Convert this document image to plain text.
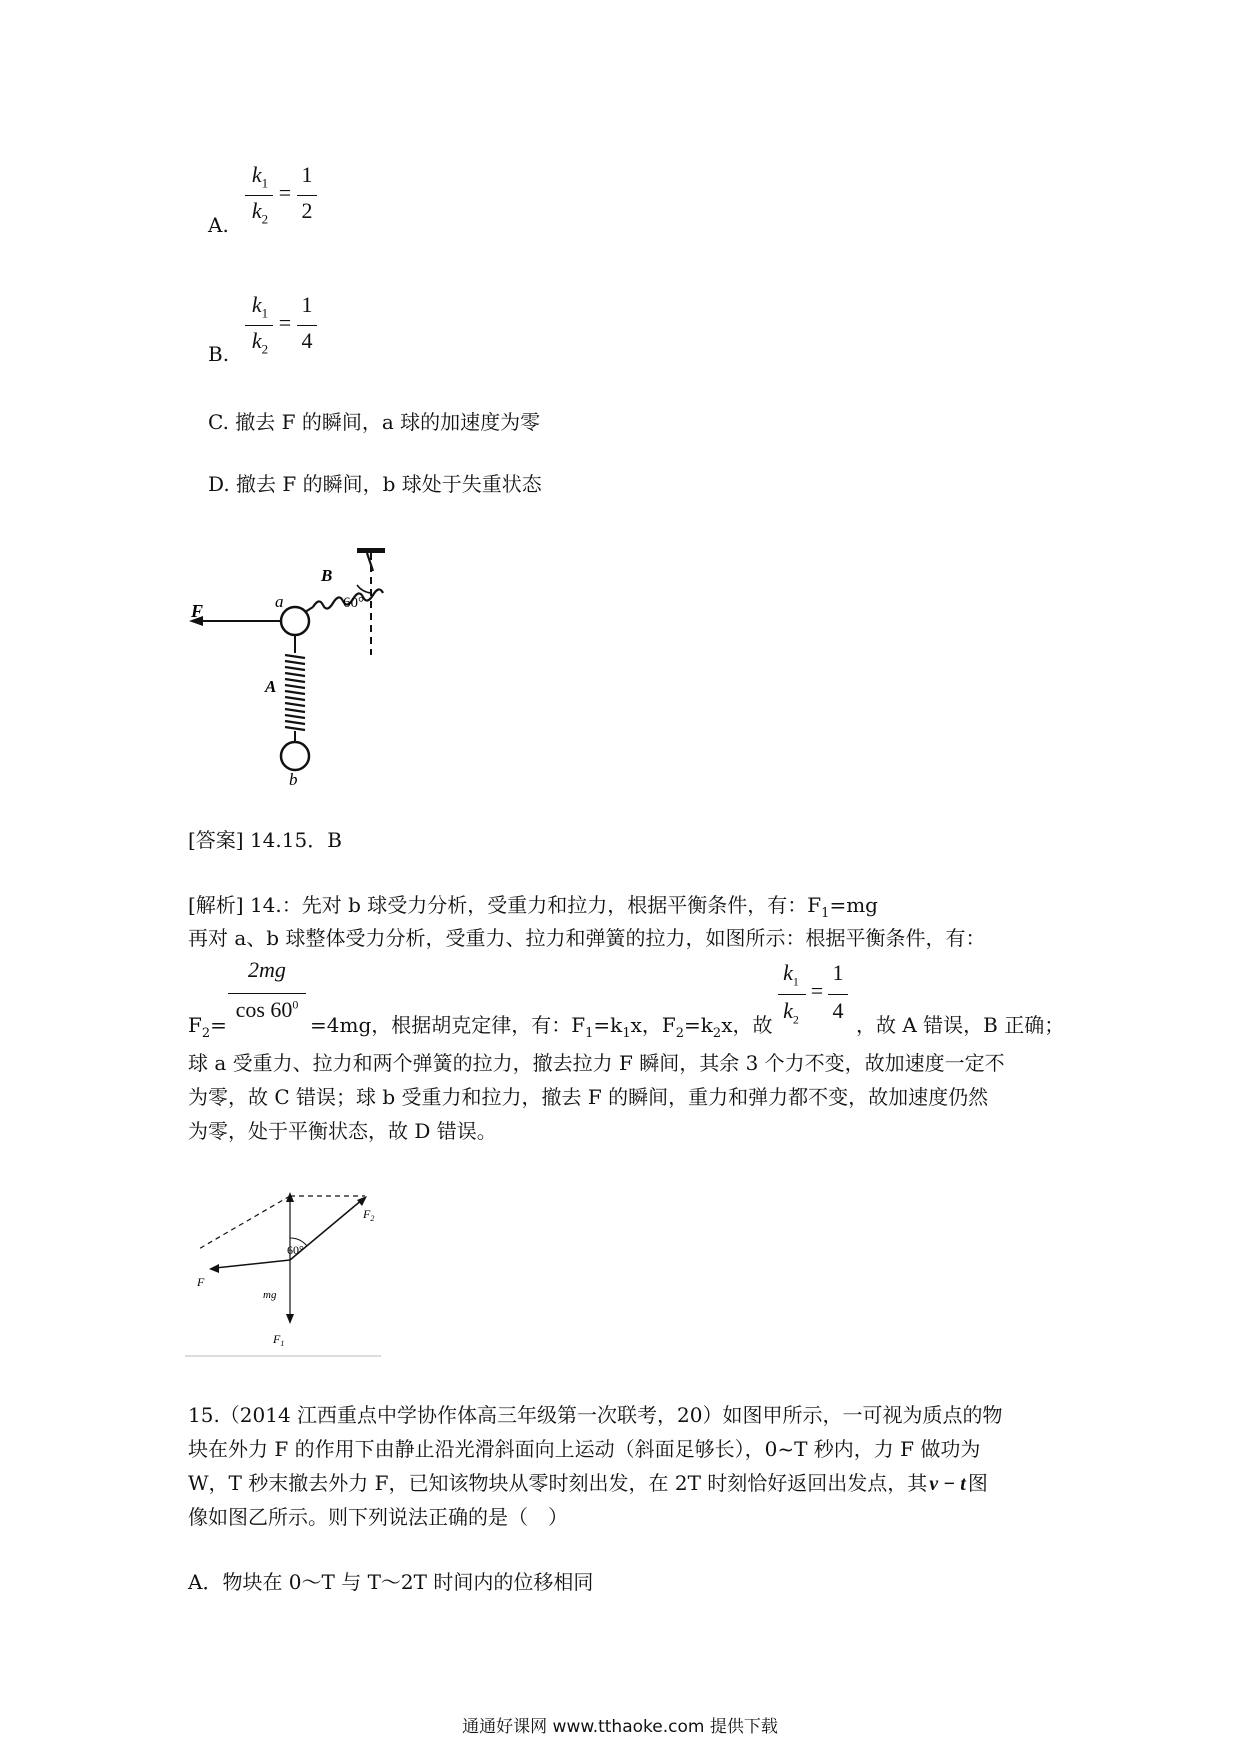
A.
$k_1$
$k_2$
=
1
2
B.
$k_1$
$k_2$
=
1
4
C. 撤去 F 的瞬间，a 球的加速度为零
D. 撤去 F 的瞬间，b 球处于失重状态
F	a
B
60°
A
b
[答案] 14.15．B
[解析] 14.：先对 b 球受力分析，受重力和拉力，根据平衡条件，有：$F_1=mg$
再对 a、b 球整体受力分析，受重力、拉力和弹簧的拉力，如图所示：根据平衡条件，有：
$F_2=$
2mg
$\cos 60^0$
=4mg，根据胡克定律，有：$F_1=k_1x$，$F_2=k_2x$，故
$k_1$
$k_2$
=
1
4
，故 A 错误，B 正确；
球 a 受重力、拉力和两个弹簧的拉力，撤去拉力 F 瞬间，其余 3 个力不变，故加速度一定不
为零，故 C 错误；球 b 受重力和拉力，撤去 F 的瞬间，重力和弹力都不变，故加速度仍然
为零，处于平衡状态，故 D 错误。
$F_2$
60°
F
mg
$F_1$
15.（2014 江西重点中学协作体高三年级第一次联考，20）如图甲所示，一可视为质点的物
块在外力 F 的作用下由静止沿光滑斜面向上运动（斜面足够长），0~T 秒内，力 F 做功为
W，T 秒末撤去外力 F，已知该物块从零时刻出发，在 2T 时刻恰好返回出发点，其 v − t 图
像如图乙所示。则下列说法正确的是（　）
A．物块在 0～T 与 T～2T 时间内的位移相同
通通好课网 www.tthaoke.com 提供下载
